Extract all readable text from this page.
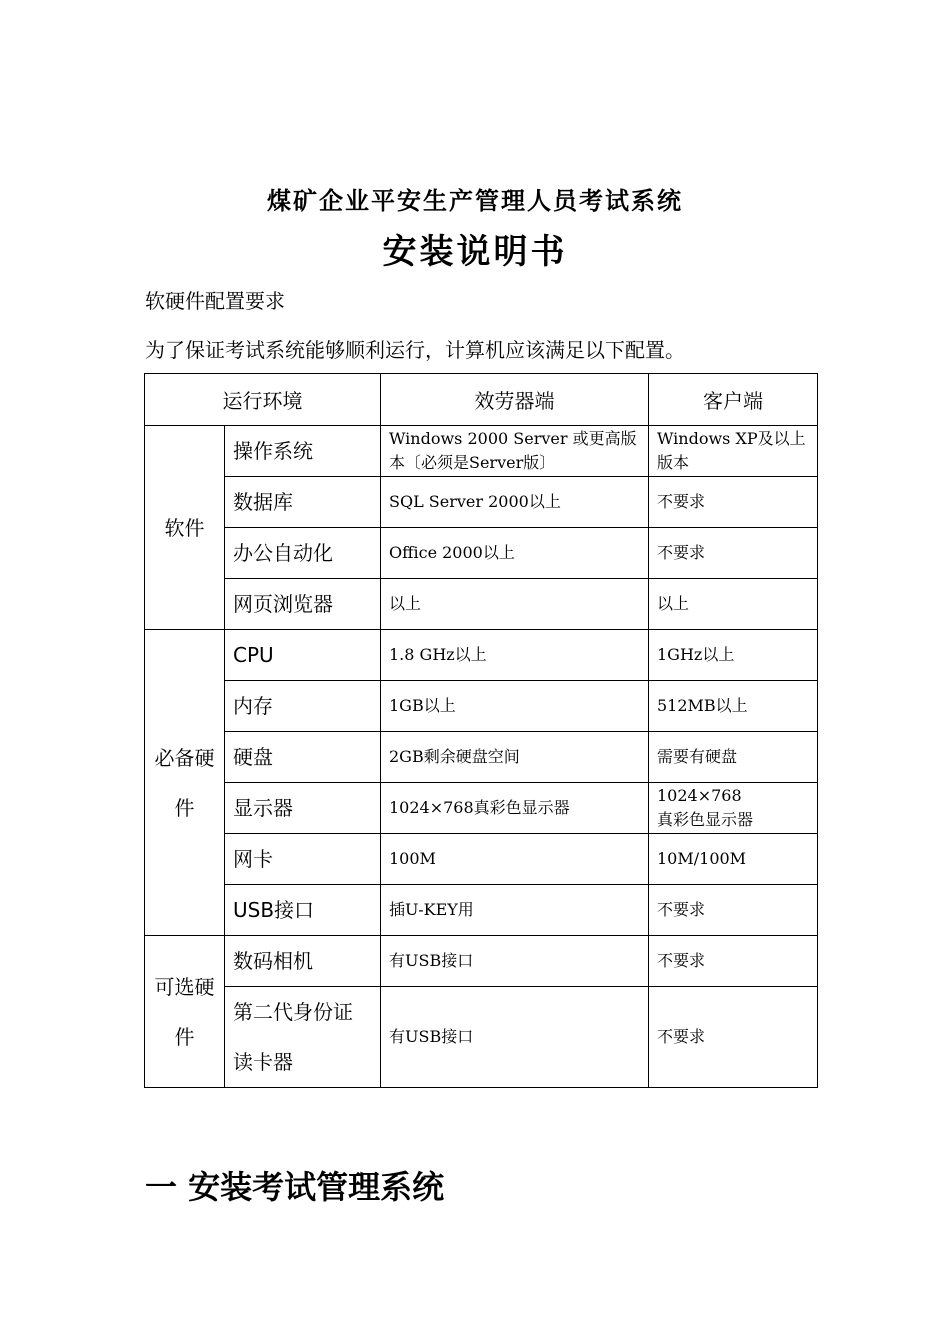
煤矿企业平安生产管理人员考试系统
安装说明书
软硬件配置要求
为了保证考试系统能够顺利运行，计算机应该满足以下配置。
运行环境		效劳器端	客户端
软件	操作系统	Windows 2000 Server 或更高版本〔必须是Server版〕	Windows XP及以上版本
	数据库	SQL Server 2000以上	不要求
	办公自动化	Office 2000以上	不要求
	网页浏览器	以上	以上
必备硬件	CPU	1.8 GHz以上	1GHz以上
	内存	1GB以上	512MB以上
	硬盘	2GB剩余硬盘空间	需要有硬盘
	显示器	1024×768真彩色显示器	1024×768
真彩色显示器
	网卡	100M	10M/100M
	USB接口	插U-KEY用	不要求
可选硬件	数码相机	有USB接口	不要求
	第二代身份证读卡器	有USB接口	不要求
一 安装考试管理系统
